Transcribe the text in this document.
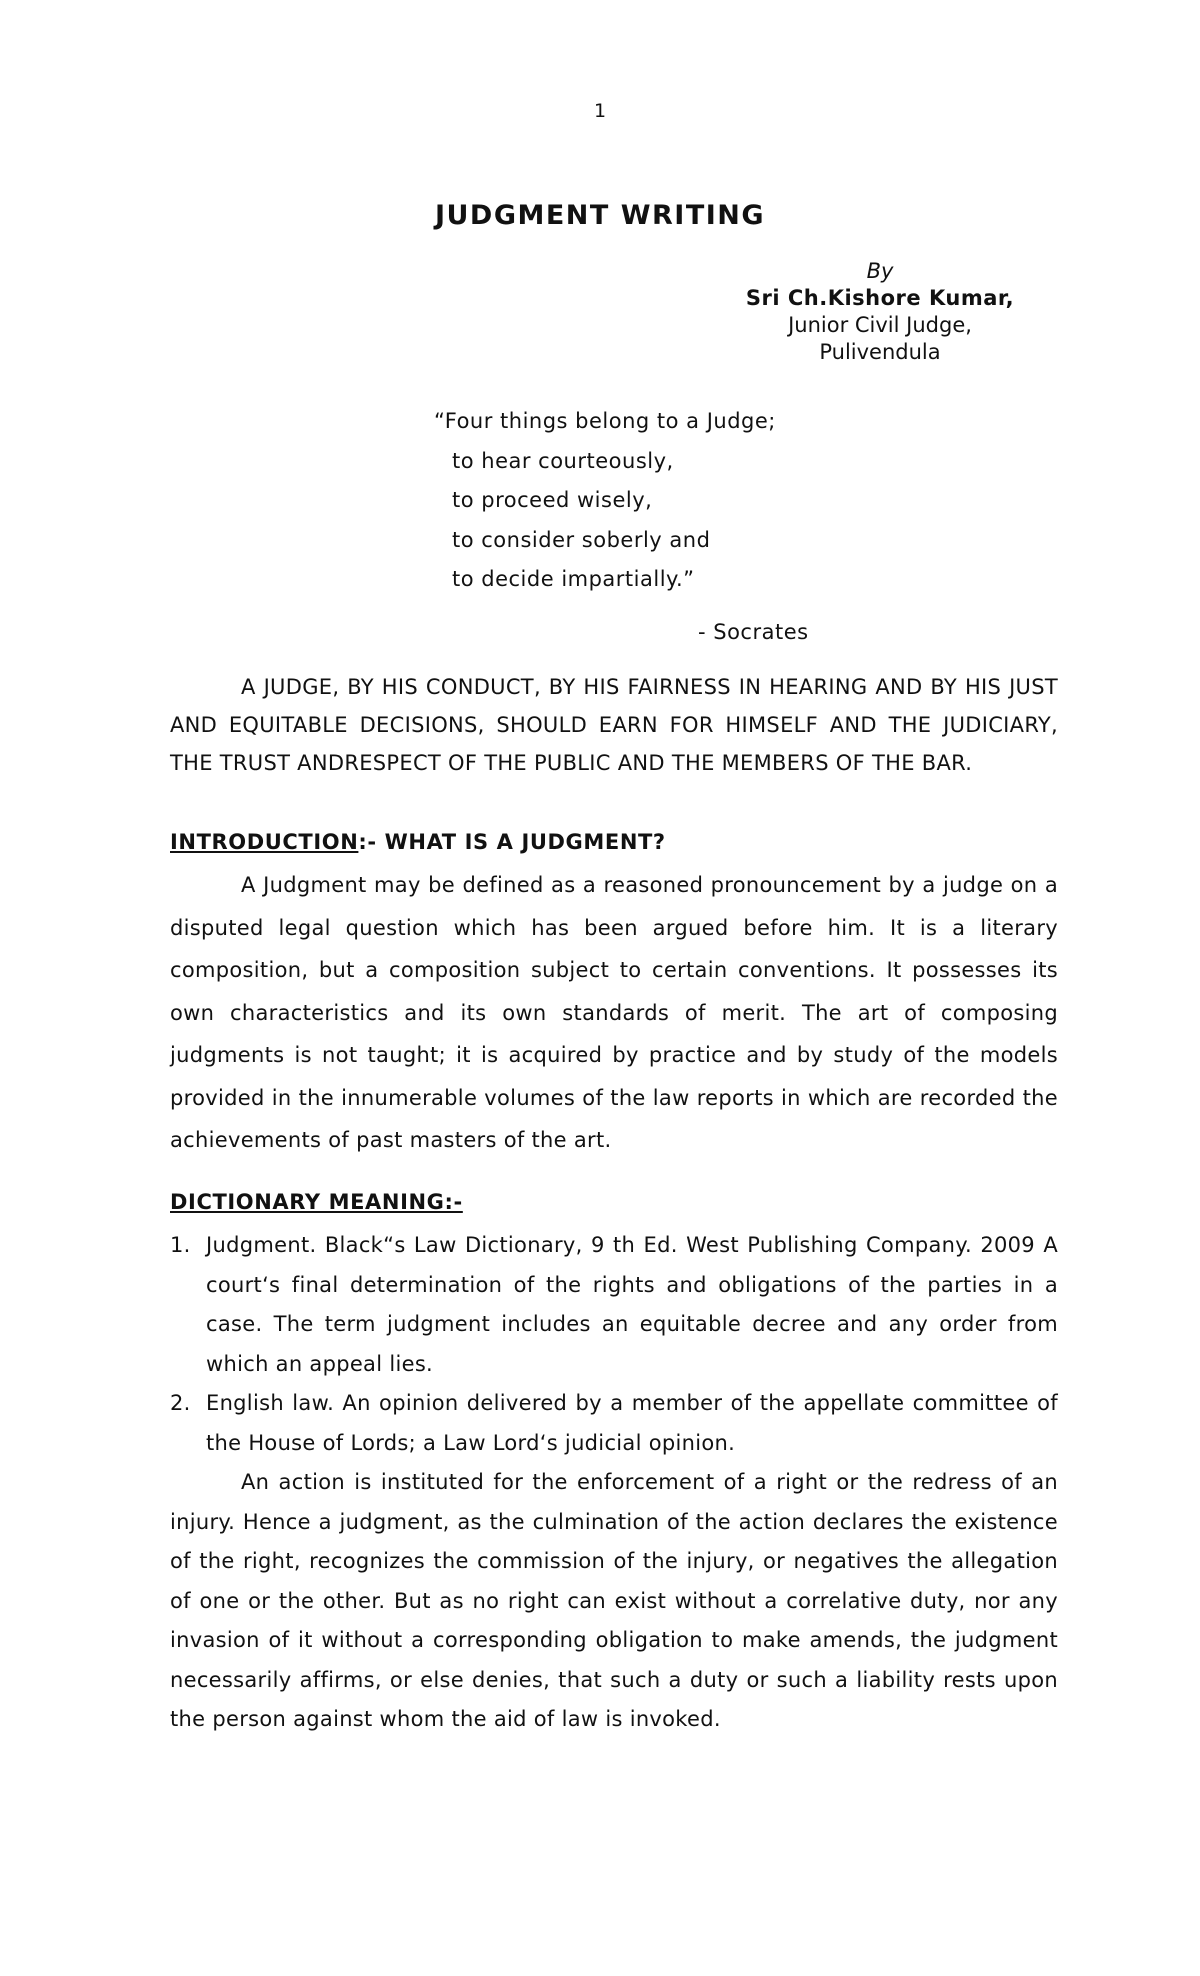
1
JUDGMENT WRITING
By
Sri Ch.Kishore Kumar,
Junior Civil Judge,
Pulivendula
“Four things belong to a Judge;
to hear courteously,
to proceed wisely,
to consider soberly and
to decide impartially.”
- Socrates
A JUDGE, BY HIS CONDUCT, BY HIS FAIRNESS IN HEARING AND BY HIS JUST AND EQUITABLE DECISIONS, SHOULD EARN FOR HIMSELF AND THE JUDICIARY, THE TRUST ANDRESPECT OF THE PUBLIC AND THE MEMBERS OF THE BAR.
INTRODUCTION:- WHAT IS A JUDGMENT?
A Judgment may be defined as a reasoned pronouncement by a judge on a disputed legal question which has been argued before him. It is a literary composition, but a composition subject to certain conventions. It possesses its own characteristics and its own standards of merit. The art of composing judgments is not taught; it is acquired by practice and by study of the models provided in the innumerable volumes of the law reports in which are recorded the achievements of past masters of the art.
DICTIONARY MEANING:-
1. Judgment. Black“s Law Dictionary, 9 th Ed. West Publishing Company. 2009 A court‘s final determination of the rights and obligations of the parties in a case. The term judgment includes an equitable decree and any order from which an appeal lies.
2. English law. An opinion delivered by a member of the appellate committee of the House of Lords; a Law Lord‘s judicial opinion.
An action is instituted for the enforcement of a right or the redress of an injury. Hence a judgment, as the culmination of the action declares the existence of the right, recognizes the commission of the injury, or negatives the allegation of one or the other. But as no right can exist without a correlative duty, nor any invasion of it without a corresponding obligation to make amends, the judgment necessarily affirms, or else denies, that such a duty or such a liability rests upon the person against whom the aid of law is invoked.
